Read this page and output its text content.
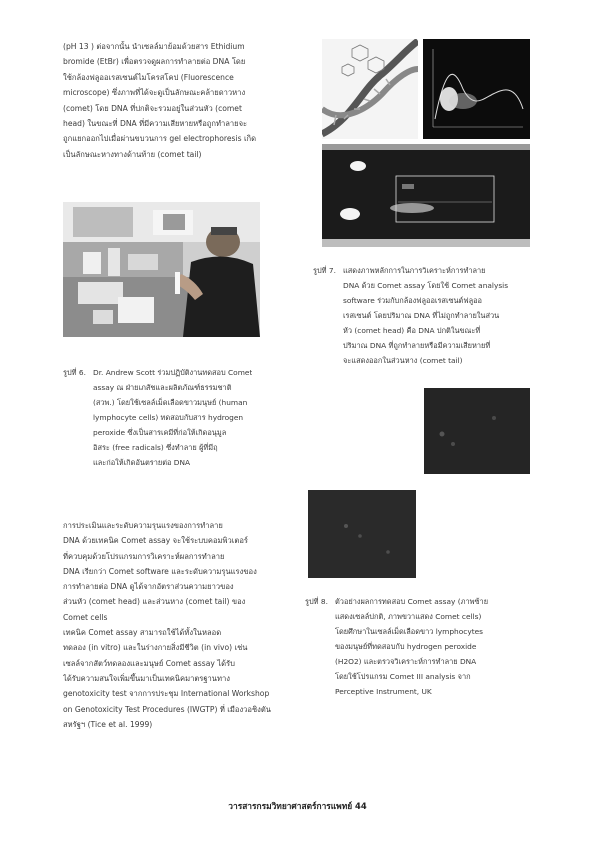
(pH 13 ) ต่อจากนั้น นำเซลล์มาย้อมด้วยสาร Ethidium
bromide (EtBr) เพื่อตรวจดูผลการทำลายต่อ DNA โดย
ใช้กล้องฟลูออเรสเซนต์ไมโครสโคป (Fluorescence
microscope) ซึ่งภาพที่ได้จะดูเป็นลักษณะคล้ายดาวหาง
(comet) โดย DNA ที่ปกติจะรวมอยู่ในส่วนหัว (comet
head) ในขณะที่ DNA ที่มีความเสียหายหรือถูกทำลายจะ
ถูกแยกออกไปเมื่อผ่านขบวนการ gel electrophoresis เกิด
เป็นลักษณะหางทางด้านท้าย (comet tail)
รูปที่ 6. Dr. Andrew Scott ร่วมปฏิบัติงานทดสอบ Comet
assay ณ ฝ่ายเภสัชและผลิตภัณฑ์ธรรมชาติ
(สวพ.) โดยใช้เซลล์เม็ดเลือดขาวมนุษย์ (human
lymphocyte cells) ทดสอบกับสาร hydrogen
peroxide ซึ่งเป็นสารเคมีที่ก่อให้เกิดอนุมูล
อิสระ (free radicals) ซึ่งทำลาย ผู้ที่มีฤ
และก่อให้เกิดอันตรายต่อ DNA
การประเมินและระดับความรุนแรงของการทำลาย
DNA ด้วยเทคนิค Comet assay จะใช้ระบบคอมพิวเตอร์
ที่ควบคุมด้วยโปรแกรมการวิเคราะห์ผลการทำลาย
DNA เรียกว่า Comet software และระดับความรุนแรงของ
การทำลายต่อ DNA ดูได้จากอัตราส่วนความยาวของ
ส่วนหัว (comet head) และส่วนหาง (comet tail) ของ
Comet cells
เทคนิค Comet assay สามารถใช้ได้ทั้งในหลอด
ทดลอง (in vitro) และในร่างกายสิ่งมีชีวิต (in vivo) เช่น
เซลล์จากสัตว์ทดลองและมนุษย์ Comet assay ได้รับ
ได้รับความสนใจเพิ่มขึ้นมาเป็นเทคนิคมาตรฐานทาง
genotoxicity test จากการประชุม International Workshop
on Genotoxicity Test Procedures (IWGTP) ที่ เมืองวอชิงตัน
สหรัฐฯ (Tice et al. 1999)
รูปที่ 7. แสดงภาพหลักการในการวิเคราะห์การทำลาย
DNA ด้วย Comet assay โดยใช้ Comet analysis
software ร่วมกับกล้องฟลูออเรสเซนต์ฟลูออ
เรสเซนต์ โดยปริมาณ DNA ที่ไม่ถูกทำลายในส่วน
หัว (comet head) คือ DNA ปกติในขณะที่
ปริมาณ DNA ที่ถูกทำลายหรือมีความเสียหายที่
จะแสดงออกในส่วนหาง (comet tail)
รูปที่ 8. ตัวอย่างผลการทดสอบ Comet assay (ภาพซ้าย
แสดงเซลล์ปกติ, ภาพขวาแสดง Comet cells)
โดยศึกษาในเซลล์เม็ดเลือดขาว lymphocytes
ของมนุษย์ที่ทดสอบกับ hydrogen peroxide
(H2O2) และตรวจวิเคราะห์การทำลาย DNA
โดยใช้โปรแกรม Comet III analysis จาก
Perceptive Instrument, UK
วารสารกรมวิทยาศาสตร์การแพทย์ 44
